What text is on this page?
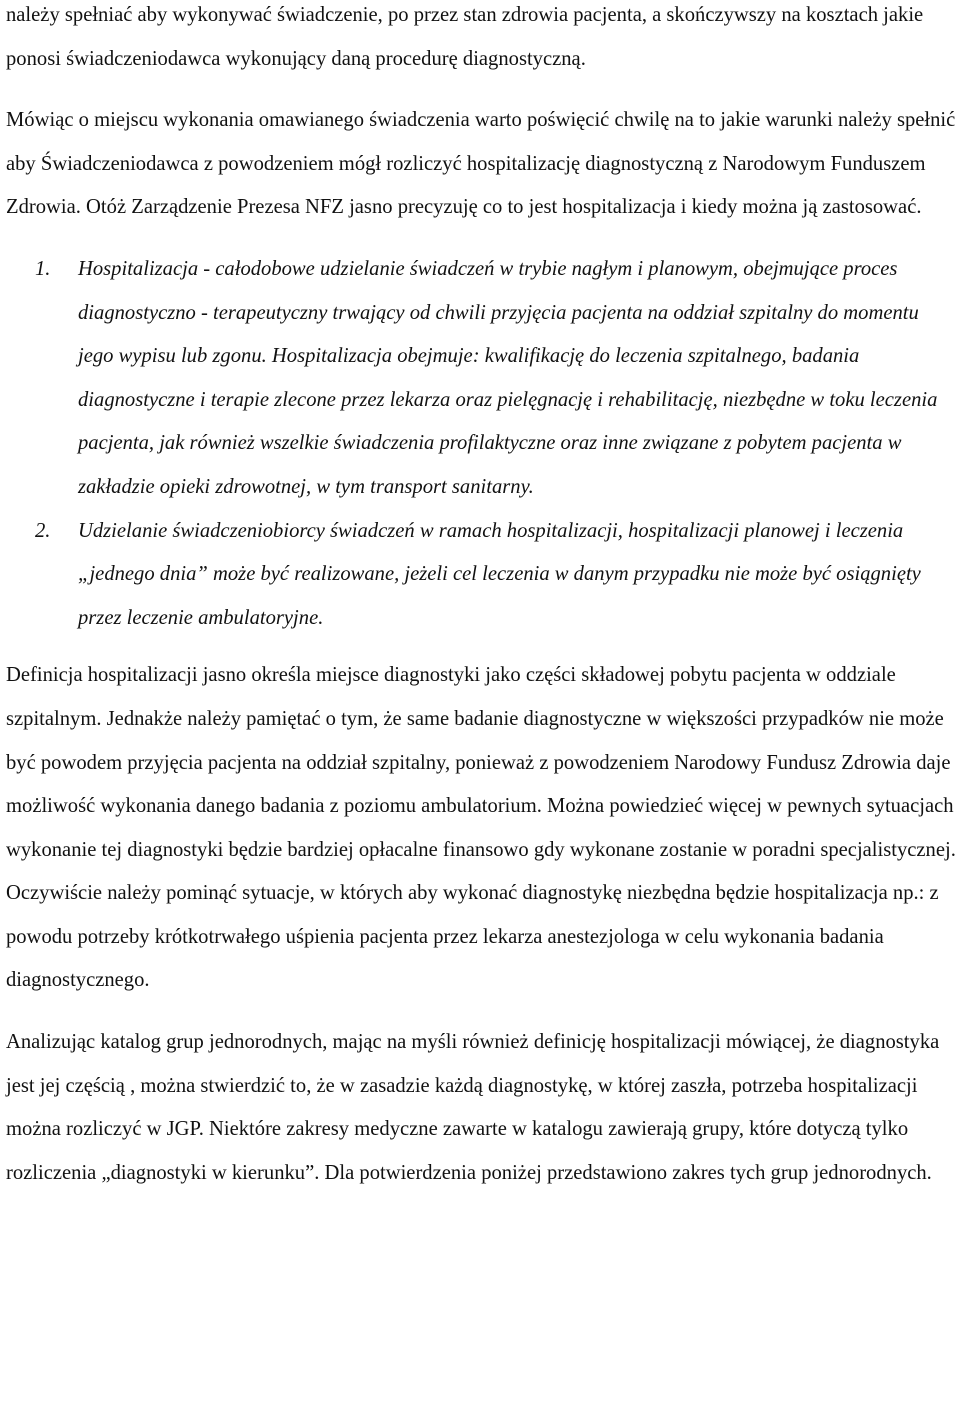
należy spełniać aby wykonywać świadczenie, po przez stan zdrowia pacjenta, a skończywszy na kosztach jakie ponosi świadczeniodawca wykonujący daną procedurę diagnostyczną.

Mówiąc o miejscu wykonania omawianego świadczenia warto poświęcić chwilę na to jakie warunki należy spełnić aby Świadczeniodawca z powodzeniem mógł rozliczyć hospitalizację diagnostyczną z Narodowym Funduszem Zdrowia. Otóż Zarządzenie Prezesa NFZ jasno precyzuję co to jest hospitalizacja i kiedy można ją zastosować.

1. Hospitalizacja - całodobowe udzielanie świadczeń w trybie nagłym i planowym, obejmujące proces diagnostyczno - terapeutyczny trwający od chwili przyjęcia pacjenta na oddział szpitalny do momentu jego wypisu lub zgonu. Hospitalizacja obejmuje: kwalifikację do leczenia szpitalnego, badania diagnostyczne i terapie zlecone przez lekarza oraz pielęgnację i rehabilitację, niezbędne w toku leczenia pacjenta, jak również wszelkie świadczenia profilaktyczne oraz inne związane z pobytem pacjenta w zakładzie opieki zdrowotnej, w tym transport sanitarny.
2. Udzielanie świadczeniobiorcy świadczeń w ramach hospitalizacji, hospitalizacji planowej i leczenia „jednego dnia” może być realizowane, jeżeli cel leczenia w danym przypadku nie może być osiągnięty przez leczenie ambulatoryjne.

Definicja hospitalizacji jasno określa miejsce diagnostyki jako części składowej pobytu pacjenta w oddziale szpitalnym. Jednakże należy pamiętać o tym, że same badanie diagnostyczne w większości przypadków nie może być powodem przyjęcia pacjenta na oddział szpitalny, ponieważ z powodzeniem Narodowy Fundusz Zdrowia daje możliwość wykonania danego badania z poziomu ambulatorium. Można powiedzieć więcej w pewnych sytuacjach wykonanie tej diagnostyki będzie bardziej opłacalne finansowo gdy wykonane zostanie w poradni specjalistycznej. Oczywiście należy pominąć sytuacje, w których aby wykonać diagnostykę niezbędna będzie hospitalizacja np.: z powodu potrzeby krótkotrwałego uśpienia pacjenta przez lekarza anestezjologa w celu wykonania badania diagnostycznego.

Analizując katalog grup jednorodnych, mając na myśli również definicję hospitalizacji mówiącej, że diagnostyka jest jej częścią , można stwierdzić to, że w zasadzie każdą diagnostykę, w której zaszła, potrzeba hospitalizacji można rozliczyć w JGP. Niektóre zakresy medyczne zawarte w katalogu zawierają grupy, które dotyczą tylko rozliczenia „diagnostyki w kierunku”. Dla potwierdzenia poniżej przedstawiono zakres tych grup jednorodnych.
